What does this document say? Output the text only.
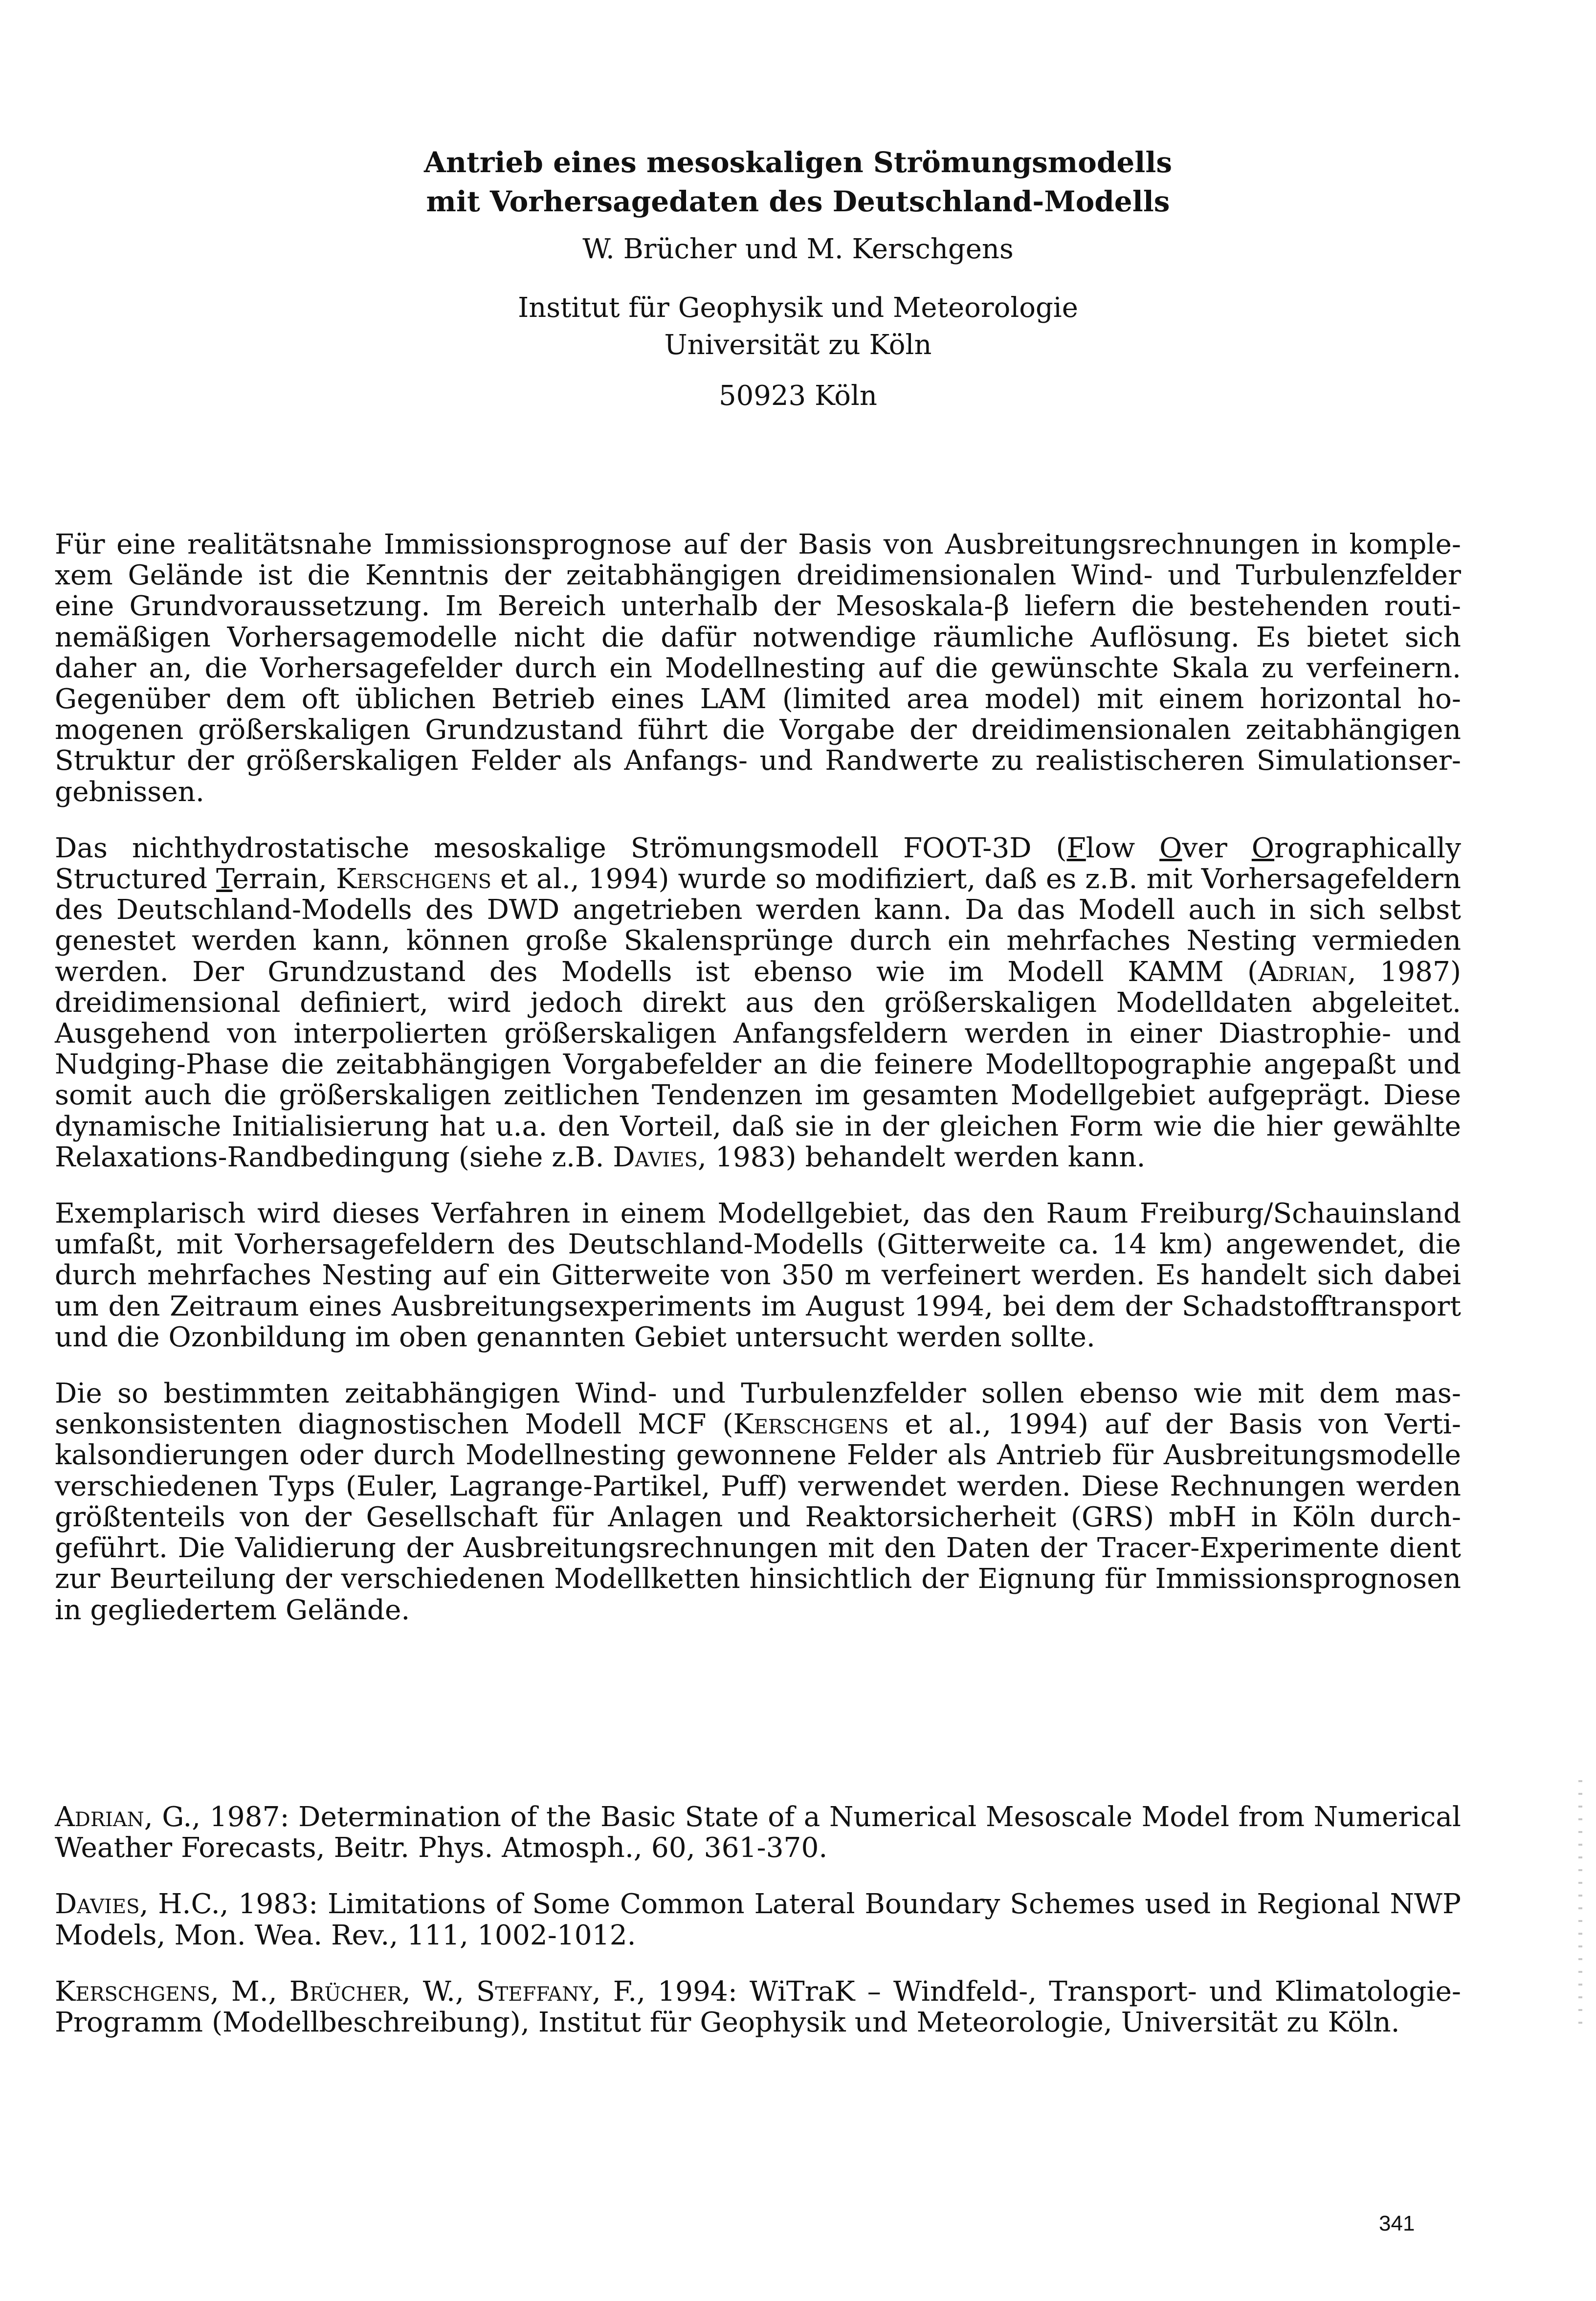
Antrieb eines mesoskaligen Strömungsmodells
mit Vorhersagedaten des Deutschland-Modells
W. Brücher und M. Kerschgens
Institut für Geophysik und Meteorologie
Universität zu Köln
50923 Köln

Für eine realitätsnahe Immissionsprognose auf der Basis von Ausbreitungsrechnungen in komplexem Gelände ist die Kenntnis der zeitabhängigen dreidimensionalen Wind- und Turbulenzfelder eine Grundvoraussetzung. Im Bereich unterhalb der Mesoskala-β liefern die bestehenden routinemäßigen Vorhersagemodelle nicht die dafür notwendige räumliche Auflösung. Es bietet sich daher an, die Vorhersagefelder durch ein Modellnesting auf die gewünschte Skala zu verfeinern. Gegenüber dem oft üblichen Betrieb eines LAM (limited area model) mit einem horizontal homogenen größerskaligen Grundzustand führt die Vorgabe der dreidimensionalen zeitabhängigen Struktur der größerskaligen Felder als Anfangs- und Randwerte zu realistischeren Simulationsergebnissen.

Das nichthydrostatische mesoskalige Strömungsmodell FOOT-3D (Flow Over Orographically Structured Terrain, Kerschgens et al., 1994) wurde so modifiziert, daß es z.B. mit Vorhersagefeldern des Deutschland-Modells des DWD angetrieben werden kann. Da das Modell auch in sich selbst genestet werden kann, können große Skalensprünge durch ein mehrfaches Nesting vermieden werden. Der Grundzustand des Modells ist ebenso wie im Modell KAMM (Adrian, 1987) dreidimensional definiert, wird jedoch direkt aus den größerskaligen Modelldaten abgeleitet. Ausgehend von interpolierten größerskaligen Anfangsfeldern werden in einer Diastrophie- und Nudging-Phase die zeitabhängigen Vorgabefelder an die feinere Modelltopographie angepaßt und somit auch die größerskaligen zeitlichen Tendenzen im gesamten Modellgebiet aufgeprägt. Diese dynamische Initialisierung hat u.a. den Vorteil, daß sie in der gleichen Form wie die hier gewählte Relaxations-Randbedingung (siehe z.B. Davies, 1983) behandelt werden kann.

Exemplarisch wird dieses Verfahren in einem Modellgebiet, das den Raum Freiburg/Schauinsland umfaßt, mit Vorhersagefeldern des Deutschland-Modells (Gitterweite ca. 14 km) angewendet, die durch mehrfaches Nesting auf ein Gitterweite von 350 m verfeinert werden. Es handelt sich dabei um den Zeitraum eines Ausbreitungsexperiments im August 1994, bei dem der Schadstofftransport und die Ozonbildung im oben genannten Gebiet untersucht werden sollte.

Die so bestimmten zeitabhängigen Wind- und Turbulenzfelder sollen ebenso wie mit dem massenkonsistenten diagnostischen Modell MCF (Kerschgens et al., 1994) auf der Basis von Vertikalsondierungen oder durch Modellnesting gewonnene Felder als Antrieb für Ausbreitungsmodelle verschiedenen Typs (Euler, Lagrange-Partikel, Puff) verwendet werden. Diese Rechnungen werden größtenteils von der Gesellschaft für Anlagen und Reaktorsicherheit (GRS) mbH in Köln durchgeführt. Die Validierung der Ausbreitungsrechnungen mit den Daten der Tracer-Experimente dient zur Beurteilung der verschiedenen Modellketten hinsichtlich der Eignung für Immissionsprognosen in gegliedertem Gelände.

Adrian, G., 1987: Determination of the Basic State of a Numerical Mesoscale Model from Numerical Weather Forecasts, Beitr. Phys. Atmosph., 60, 361-370.

Davies, H.C., 1983: Limitations of Some Common Lateral Boundary Schemes used in Regional NWP Models, Mon. Wea. Rev., 111, 1002-1012.

Kerschgens, M., Brücher, W., Steffany, F., 1994: WiTraK – Windfeld-, Transport- und Klimatologie-Programm (Modellbeschreibung), Institut für Geophysik und Meteorologie, Universität zu Köln.

341
